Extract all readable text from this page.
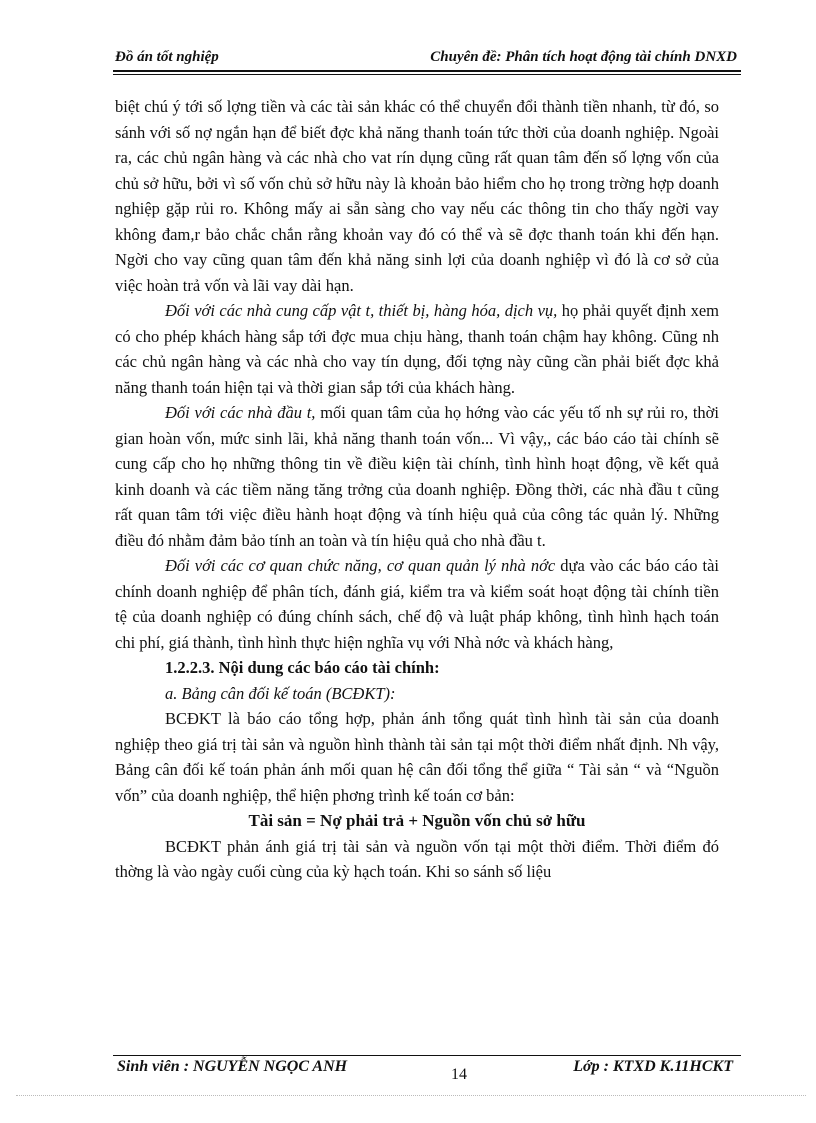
Đồ án tốt nghiệp	Chuyên đề: Phân tích hoạt động tài chính DNXD

biệt chú ý tới số lợng tiền và các tài sản khác có thể chuyển đổi thành tiền nhanh, từ đó, so sánh với số nợ ngắn hạn để biết đợc khả năng thanh toán tức thời của doanh nghiệp. Ngoài ra, các chủ ngân hàng và các nhà cho vat rín dụng cũng rất quan tâm đến số lợng vốn của chủ sở hữu, bởi vì số vốn chủ sở hữu này là khoản bảo hiểm cho họ trong trờng hợp doanh nghiệp gặp rủi ro. Không mấy ai sẵn sàng cho vay nếu các thông tin cho thấy ngời vay không đam,r bảo chắc chắn rằng khoản vay đó có thể và sẽ đợc thanh toán khi đến hạn. Ngời cho vay cũng quan tâm đến khả năng sinh lợi của doanh nghiệp vì đó là cơ sở của việc hoàn trả vốn và lãi vay dài hạn.

Đối với các nhà cung cấp vật t, thiết bị, hàng hóa, dịch vụ, họ phải quyết định xem có cho phép khách hàng sắp tới đợc mua chịu hàng, thanh toán chậm hay không. Cũng nh các chủ ngân hàng và các nhà cho vay tín dụng, đối tợng này cũng cần phải biết đợc khả năng thanh toán hiện tại và thời gian sắp tới của khách hàng.

Đối với các nhà đầu t, mối quan tâm của họ hớng vào các yếu tố nh sự rủi ro, thời gian hoàn vốn, mức sinh lãi, khả năng thanh toán vốn... Vì vậy,, các báo cáo tài chính sẽ cung cấp cho họ những thông tin về điều kiện tài chính, tình hình hoạt động, về kết quả kinh doanh và các tiềm năng tăng trởng của doanh nghiệp. Đồng thời, các nhà đầu t cũng rất quan tâm tới việc điều hành hoạt động và tính hiệu quả của công tác quản lý. Những điều đó nhằm đảm bảo tính an toàn và tín hiệu quả cho nhà đầu t.

Đối với các cơ quan chức năng, cơ quan quản lý nhà nớc dựa vào các báo cáo tài chính doanh nghiệp để phân tích, đánh giá, kiểm tra và kiểm soát hoạt động tài chính tiền tệ của doanh nghiệp có đúng chính sách, chế độ và luật pháp không, tình hình hạch toán chi phí, giá thành, tình hình thực hiện nghĩa vụ với Nhà nớc và khách hàng,

1.2.2.3. Nội dung các báo cáo tài chính:

a. Bảng cân đối kế toán (BCĐKT):

BCĐKT là báo cáo tổng hợp, phản ánh tổng quát tình hình tài sản của doanh nghiệp theo giá trị tài sản và nguồn hình thành tài sản tại một thời điểm nhất định. Nh vậy, Bảng cân đối kế toán phản ánh mối quan hệ cân đối tổng thể giữa “ Tài sản “ và “Nguồn vốn” của doanh nghiệp, thể hiện phơng trình kế toán cơ bản:

Tài sản = Nợ phải trả + Nguồn vốn chủ sở hữu

BCĐKT phản ánh giá trị tài sản và nguồn vốn tại một thời điểm. Thời điểm đó thờng là vào ngày cuối cùng của kỳ hạch toán. Khi so sánh số liệu

Sinh viên : NGUYỄN NGỌC ANH	14	Lớp : KTXD K.11HCKT
